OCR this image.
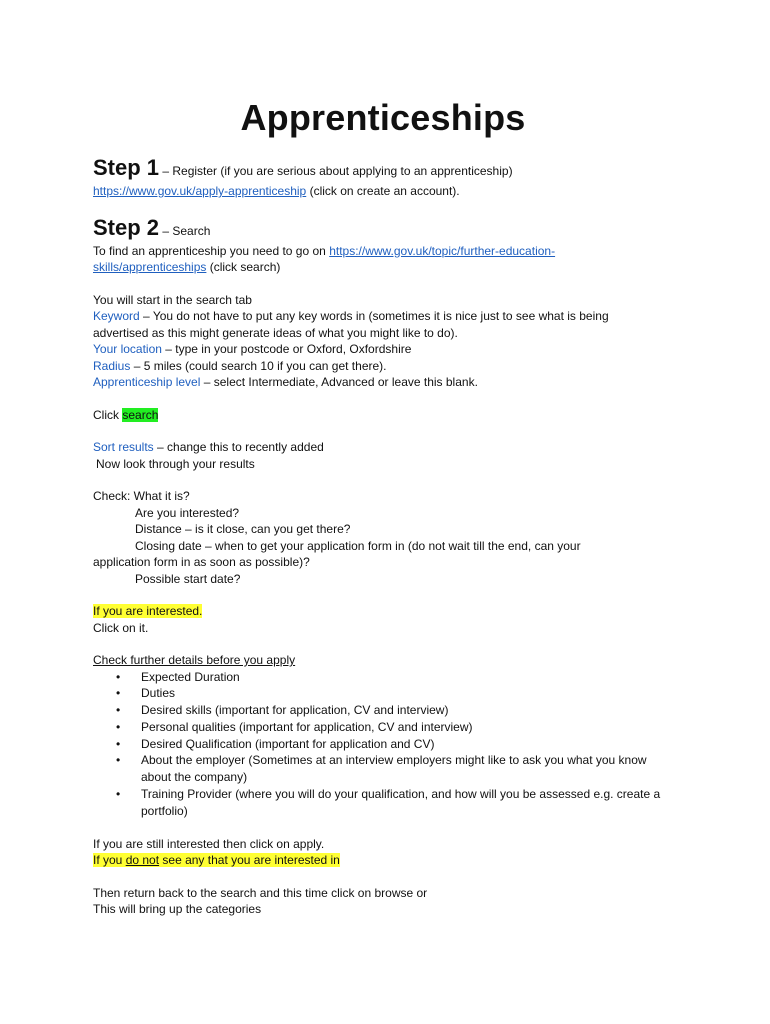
Apprenticeships
Step 1 – Register (if you are serious about applying to an apprenticeship)

https://www.gov.uk/apply-apprenticeship (click on create an account).

Step 2 – Search

To find an apprenticeship you need to go on https://www.gov.uk/topic/further-education-

skills/apprenticeships (click search)

You will start in the search tab

Keyword – You do not have to put any key words in (sometimes it is nice just to see what is being

advertised as this might generate ideas of what you might like to do).

Your location – type in your postcode or Oxford, Oxfordshire

Radius – 5 miles (could search 10 if you can get there).

Apprenticeship level – select Intermediate, Advanced or leave this blank.

Click search

Sort results – change this to recently added

Now look through your results

Check: What it is?

Are you interested?

Distance – is it close, can you get there?

Closing date – when to get your application form in (do not wait till the end, can your

application form in as soon as possible)?

Possible start date?

If you are interested.

Click on it.

Check further details before you apply

• Expected Duration
• Duties
• Desired skills (important for application, CV and interview)
• Personal qualities (important for application, CV and interview)
• Desired Qualification (important for application and CV)
• About the employer (Sometimes at an interview employers might like to ask you what you know about the company)
• Training Provider (where you will do your qualification, and how will you be assessed e.g. create a portfolio)

If you are still interested then click on apply.

If you do not see any that you are interested in

Then return back to the search and this time click on browse or

This will bring up the categories
